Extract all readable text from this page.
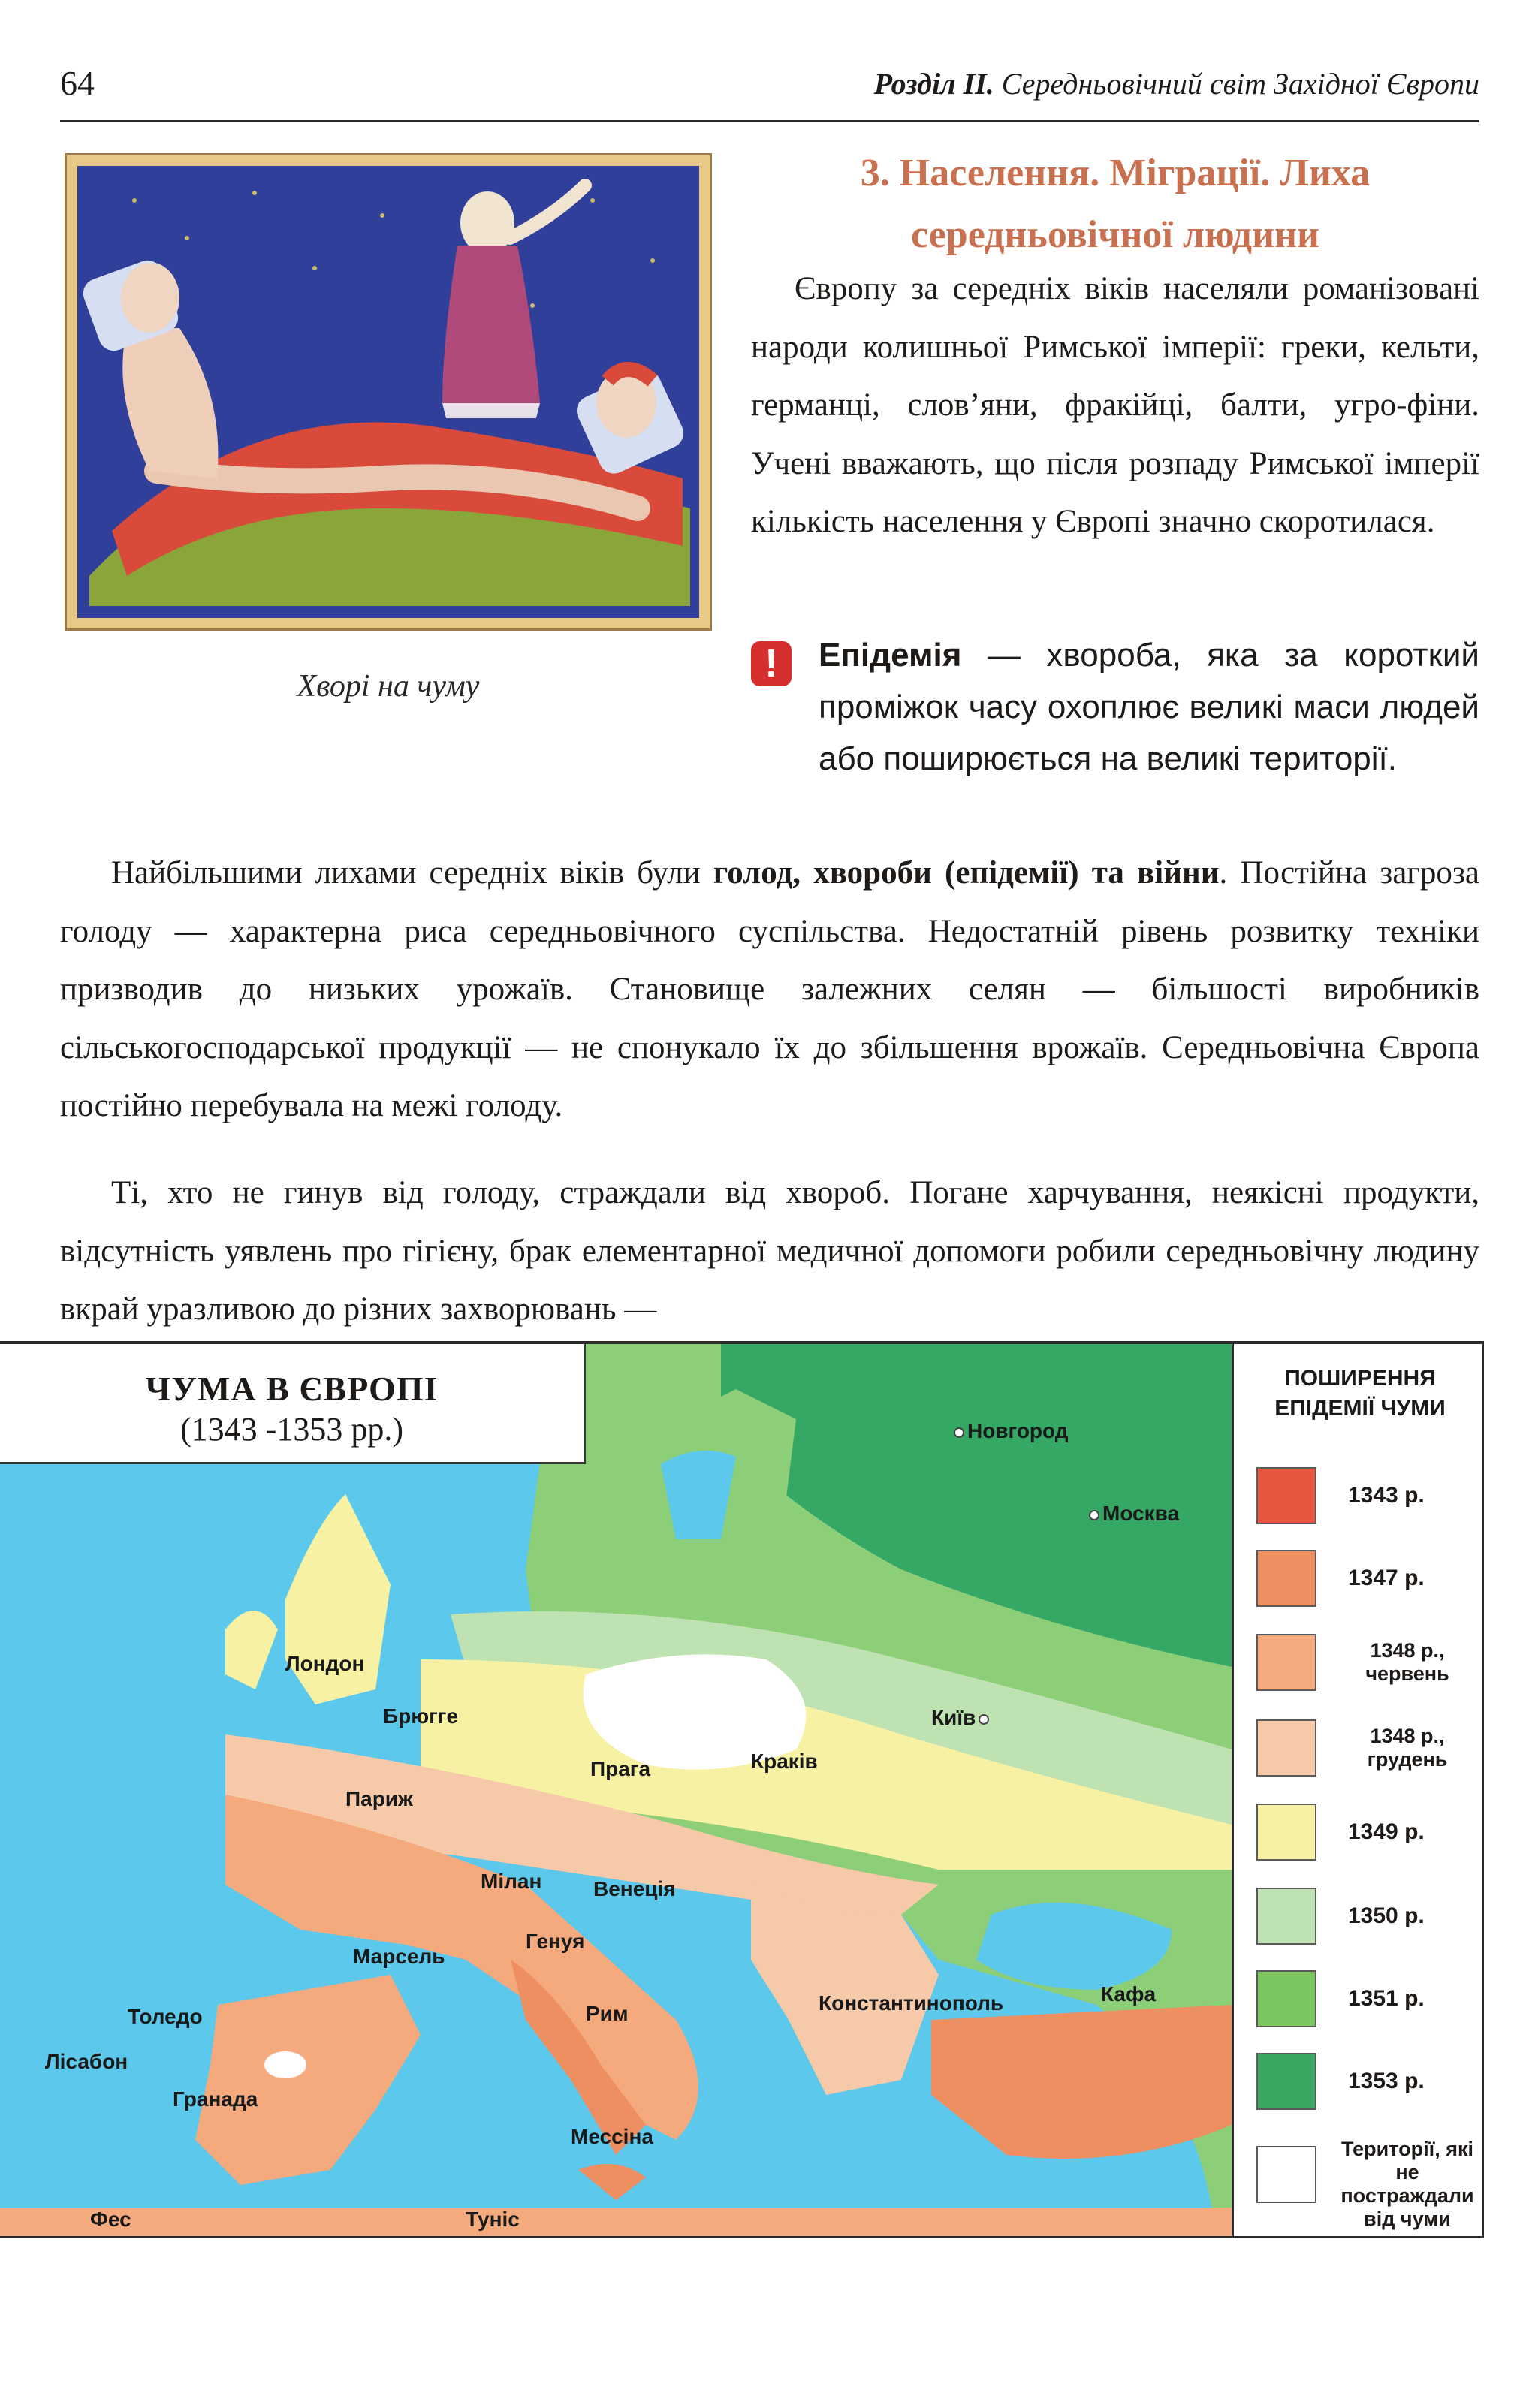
64	Розділ II. Середньовічний світ Західної Європи
Хворі на чуму
3. Населення. Міграції. Лиха
середньовічної людини
Європу за середніх віків населяли романізовані народи колишньої Римської імперії: греки, кельти, германці, слов’яни, фракійці, балти, угро-фіни. Учені вважають, що після розпаду Римської імперії кількість населення у Європі значно скоротилася.
!	Епідемія — хвороба, яка за короткий проміжок часу охоплює великі маси людей або поширюється на великі території.
Найбільшими лихами середніх віків були голод, хвороби (епідемії) та війни. Постійна загроза голоду — характерна риса середньовічного суспільства. Недостатній рівень розвитку техніки призводив до низьких урожаїв. Становище залежних селян — більшості виробників сільськогосподарської продукції — не спонукало їх до збільшення врожаїв. Середньовічна Європа постійно перебувала на межі голоду.
Ті, хто не гинув від голоду, страждали від хвороб. Погане харчування, неякісні продукти, відсутність уявлень про гігієну, брак елементарної медичної допомоги робили середньовічну людину вкрай уразливою до різних захворювань —
ЧУМА В ЄВРОПІ
(1343 -1353 рр.)	Новгород
Москва
Лондон
Брюгге	Київ
Прага	Краків
Париж
Мілан Венеція
Генуя
Марсель
Кафа
Толедо	Рим	Константинополь
Лісабон
Гранада
Мессіна
Фес	Туніс
ПОШИРЕННЯ
ЕПІДЕМІЇ ЧУМИ
1343 р.
1347 р.
1348 р., червень
1348 р., грудень
1349 р.
1350 р.
1351 р.
1353 р.
Території, які не постраждали від чуми
